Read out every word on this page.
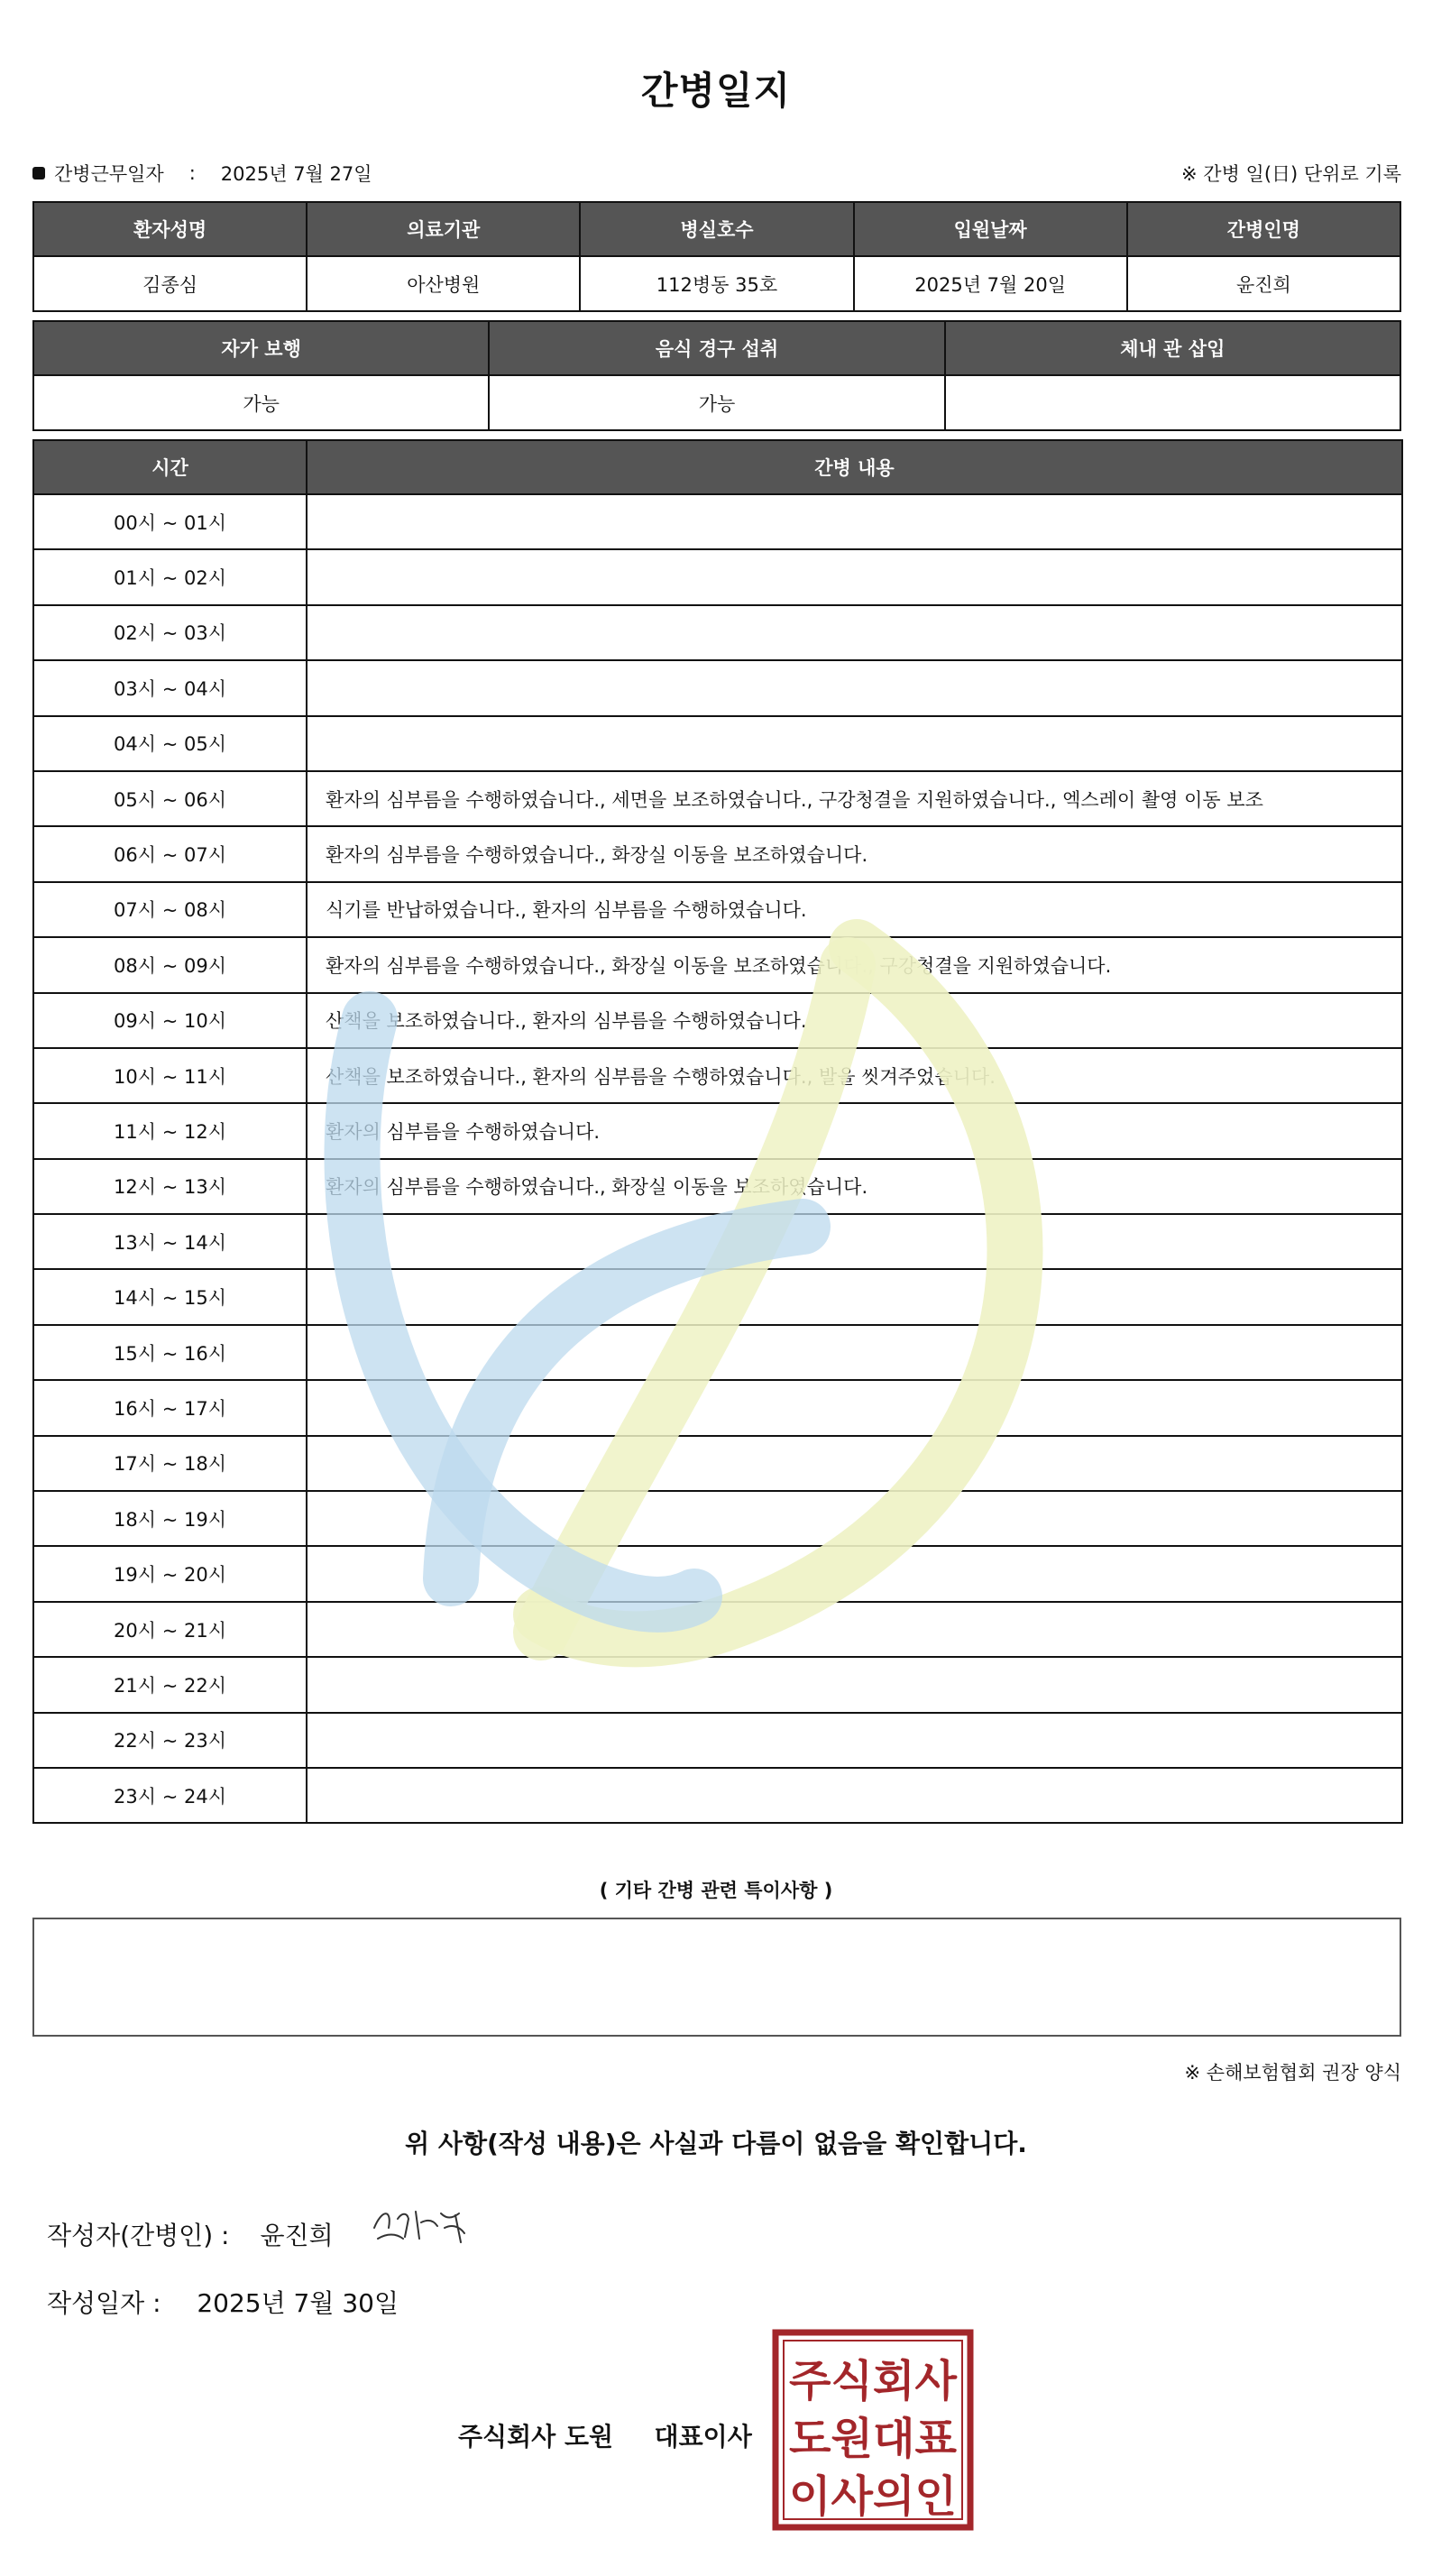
간병일지
간병근무일자 : 2025년 7월 27일	※ 간병 일(日) 단위로 기록
환자성명	의료기관	병실호수	입원날짜	간병인명
김종심	아산병원	112병동 35호	2025년 7월 20일	윤진희
자가 보행	음식 경구 섭취	체내 관 삽입
가능	가능	
시간	간병 내용
00시 ~ 01시	
01시 ~ 02시	
02시 ~ 03시	
03시 ~ 04시	
04시 ~ 05시	
05시 ~ 06시	환자의 심부름을 수행하였습니다., 세면을 보조하였습니다., 구강청결을 지원하였습니다., 엑스레이 촬영 이동 보조
06시 ~ 07시	환자의 심부름을 수행하였습니다., 화장실 이동을 보조하였습니다.
07시 ~ 08시	식기를 반납하였습니다., 환자의 심부름을 수행하였습니다.
08시 ~ 09시	환자의 심부름을 수행하였습니다., 화장실 이동을 보조하였습니다., 구강청결을 지원하였습니다.
09시 ~ 10시	산책을 보조하였습니다., 환자의 심부름을 수행하였습니다.
10시 ~ 11시	산책을 보조하였습니다., 환자의 심부름을 수행하였습니다., 발을 씻겨주었습니다.
11시 ~ 12시	환자의 심부름을 수행하였습니다.
12시 ~ 13시	환자의 심부름을 수행하였습니다., 화장실 이동을 보조하였습니다.
13시 ~ 14시	
14시 ~ 15시	
15시 ~ 16시	
16시 ~ 17시	
17시 ~ 18시	
18시 ~ 19시	
19시 ~ 20시	
20시 ~ 21시	
21시 ~ 22시	
22시 ~ 23시	
23시 ~ 24시	
( 기타 간병 관련 특이사항 )
※ 손해보험협회 권장 양식
위 사항(작성 내용)은 사실과 다름이 없음을 확인합니다.
작성자(간병인) : 윤진희
작성일자 : 2025년 7월 30일
주식회사 도원 대표이사
주식회사
도원대표
이사의인
